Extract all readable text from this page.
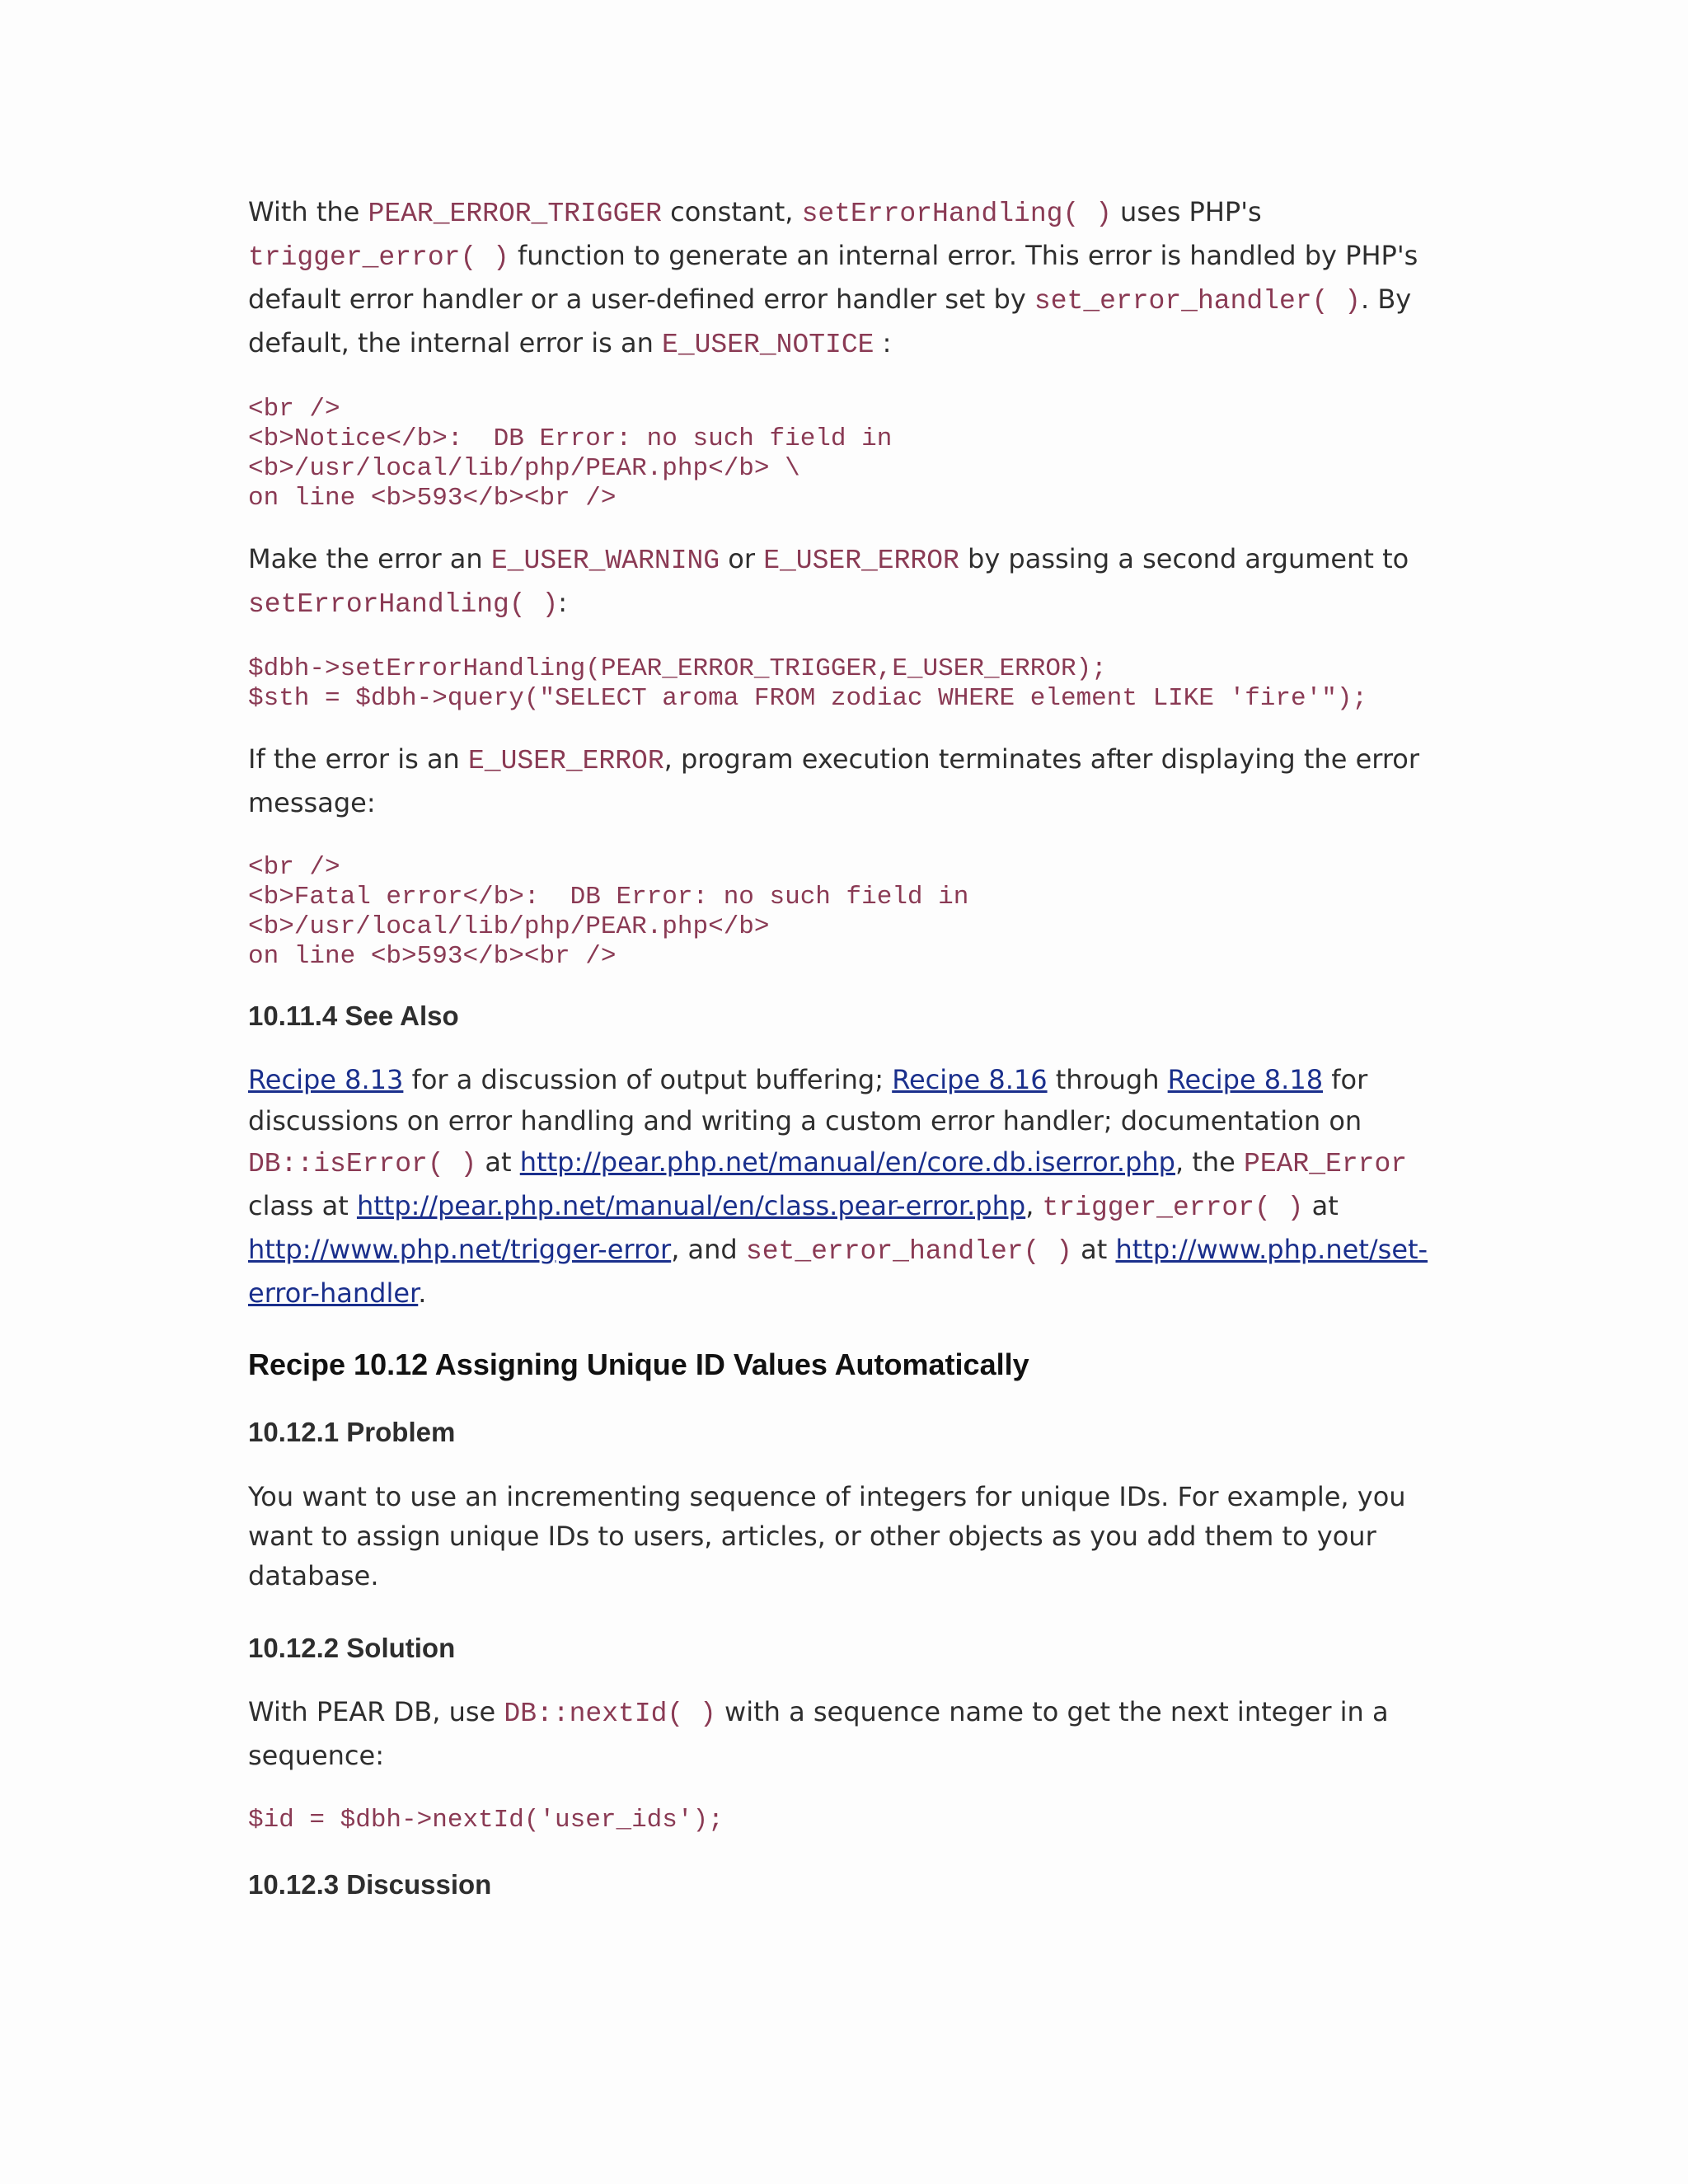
With the PEAR_ERROR_TRIGGER constant, setErrorHandling( ) uses PHP's trigger_error( ) function to generate an internal error. This error is handled by PHP's default error handler or a user-defined error handler set by set_error_handler( ). By default, the internal error is an E_USER_NOTICE :

<br />
<b>Notice</b>:  DB Error: no such field in
<b>/usr/local/lib/php/PEAR.php</b> \
on line <b>593</b><br />

Make the error an E_USER_WARNING or E_USER_ERROR by passing a second argument to setErrorHandling( ):

$dbh->setErrorHandling(PEAR_ERROR_TRIGGER,E_USER_ERROR);
$sth = $dbh->query("SELECT aroma FROM zodiac WHERE element LIKE 'fire'");

If the error is an E_USER_ERROR, program execution terminates after displaying the error message:

<br />
<b>Fatal error</b>:  DB Error: no such field in
<b>/usr/local/lib/php/PEAR.php</b>
on line <b>593</b><br />
10.11.4 See Also

Recipe 8.13 for a discussion of output buffering; Recipe 8.16 through Recipe 8.18 for discussions on error handling and writing a custom error handler; documentation on DB::isError( ) at http://pear.php.net/manual/en/core.db.iserror.php, the PEAR_Error class at http://pear.php.net/manual/en/class.pear-error.php, trigger_error( ) at http://www.php.net/trigger-error, and set_error_handler( ) at http://www.php.net/set-error-handler.

Recipe 10.12 Assigning Unique ID Values Automatically
10.12.1 Problem

You want to use an incrementing sequence of integers for unique IDs. For example, you want to assign unique IDs to users, articles, or other objects as you add them to your database.

10.12.2 Solution

With PEAR DB, use DB::nextId( ) with a sequence name to get the next integer in a sequence:

$id = $dbh->nextId('user_ids');
10.12.3 Discussion
